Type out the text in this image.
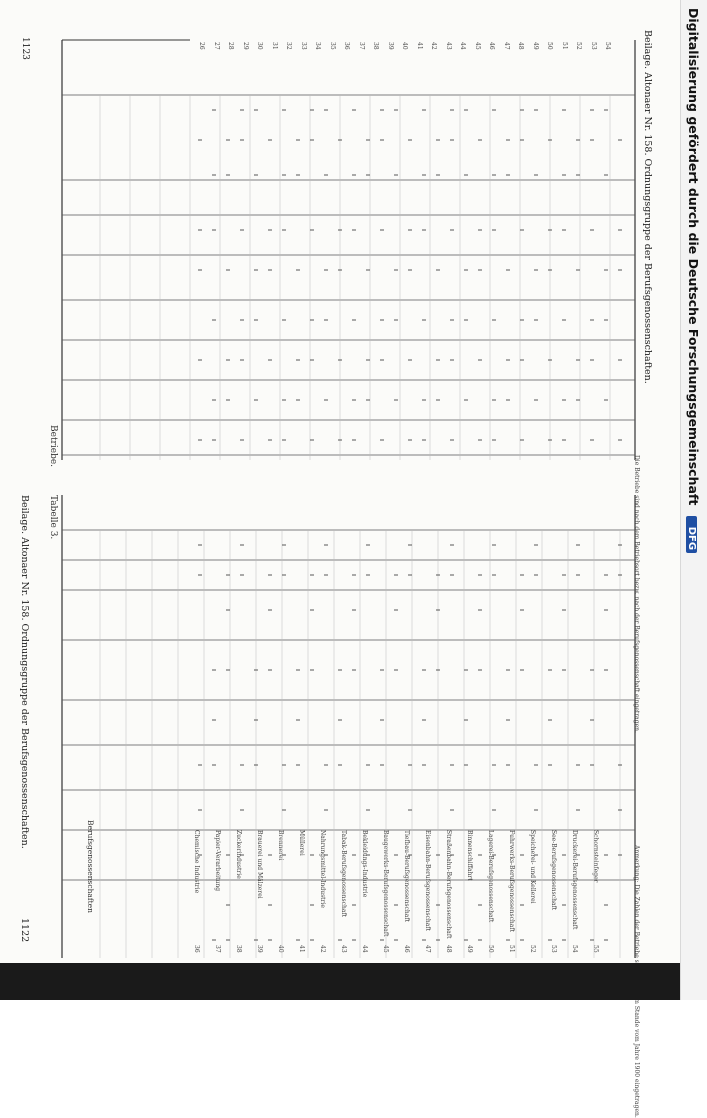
Beilage. Altonaer Nr. 158. Ordnungsgruppe der Berufsgenossenschaften.
1123
Betriebe.
Die Betriebe sind nach dem Betriebsort bezw. nach der Berufsgenossenschaft eingetragen.
Beilage. Altonaer Nr. 158. Ordnungsgruppe der Berufsgenossenschaften.
1122
Tabelle 3.
Berufsgenossenschaften	Chemische Industrie Papier-Verarbeitung Zuckerindustrie Brauerei und Mälzerei Brennerei Müllerei Nahrungsmittel-Industrie Tabak-Berufsgenossenschaft Bekleidungs-Industrie Baugewerks-Berufsgenossenschaft Tiefbau-Berufsgenossenschaft Eisenbahn-Berufsgenossenschaft Straßenbahn-Berufsgenossenschaft Binnenschiffahrt Lagerei-Berufsgenossenschaft Fuhrwerks-Berufsgenossenschaft Speicherei- und Kellerei See-Berufsgenossenschaft Druckerei-Berufsgenossenschaft Schornsteinfeger
36 37 38 39 40 41 42 43 44 45 46 47 48 49 50 51 52 53 54 55
26 27 28 29 30 31 32 33 34 35 36 37 38 39 40 41 42 43 44 45 46 47 48 49 50 51 52 53 54	Digitalisierung gefördert durch die Deutsche Forschungsgemeinschaft DFG
